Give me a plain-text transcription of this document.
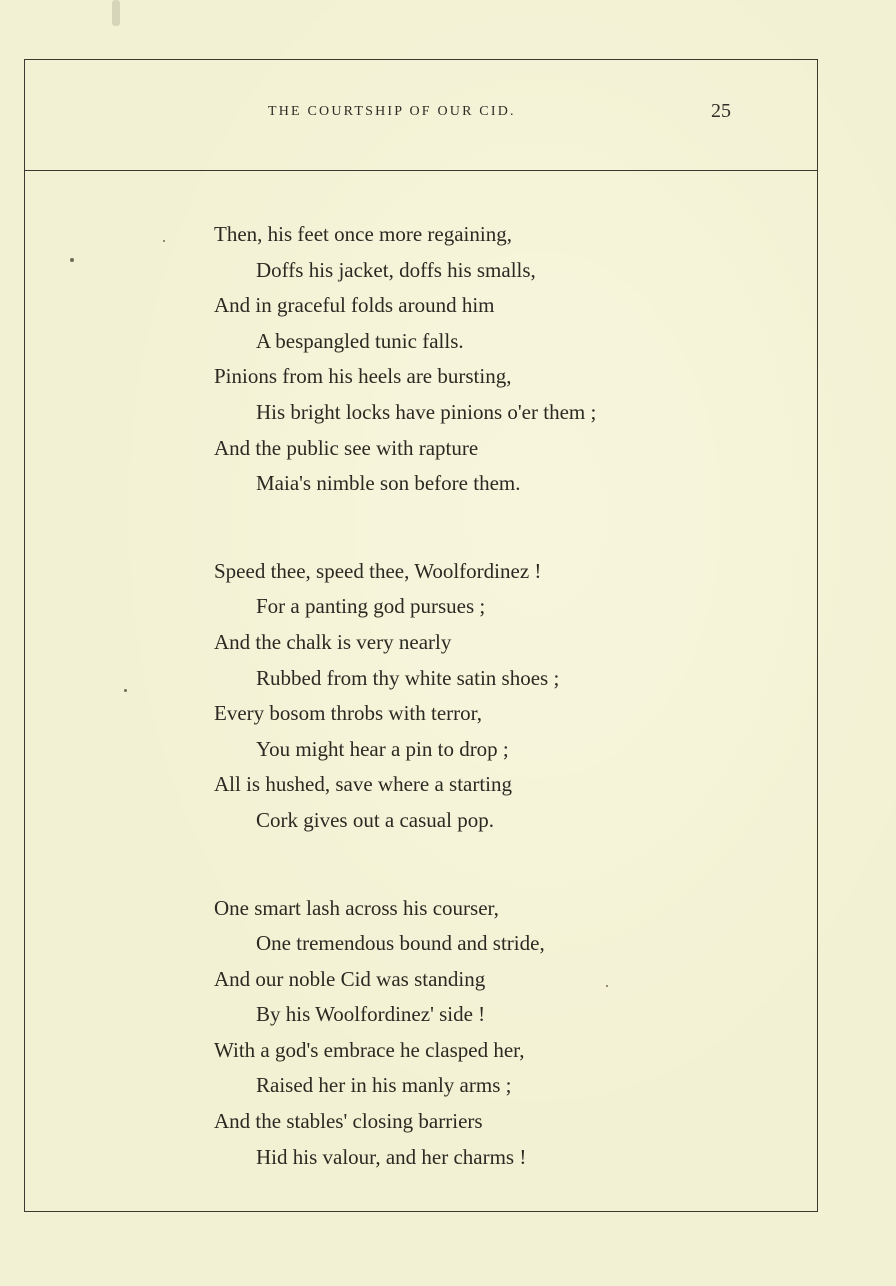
THE COURTSHIP OF OUR CID.	25
Then, his feet once more regaining,
Doffs his jacket, doffs his smalls,
And in graceful folds around him
A bespangled tunic falls.
Pinions from his heels are bursting,
His bright locks have pinions o'er them ;
And the public see with rapture
Maia's nimble son before them.
Speed thee, speed thee, Woolfordinez !
For a panting god pursues ;
And the chalk is very nearly
Rubbed from thy white satin shoes ;
Every bosom throbs with terror,
You might hear a pin to drop ;
All is hushed, save where a starting
Cork gives out a casual pop.
One smart lash across his courser,
One tremendous bound and stride,
And our noble Cid was standing
By his Woolfordinez' side !
With a god's embrace he clasped her,
Raised her in his manly arms ;
And the stables' closing barriers
Hid his valour, and her charms !
